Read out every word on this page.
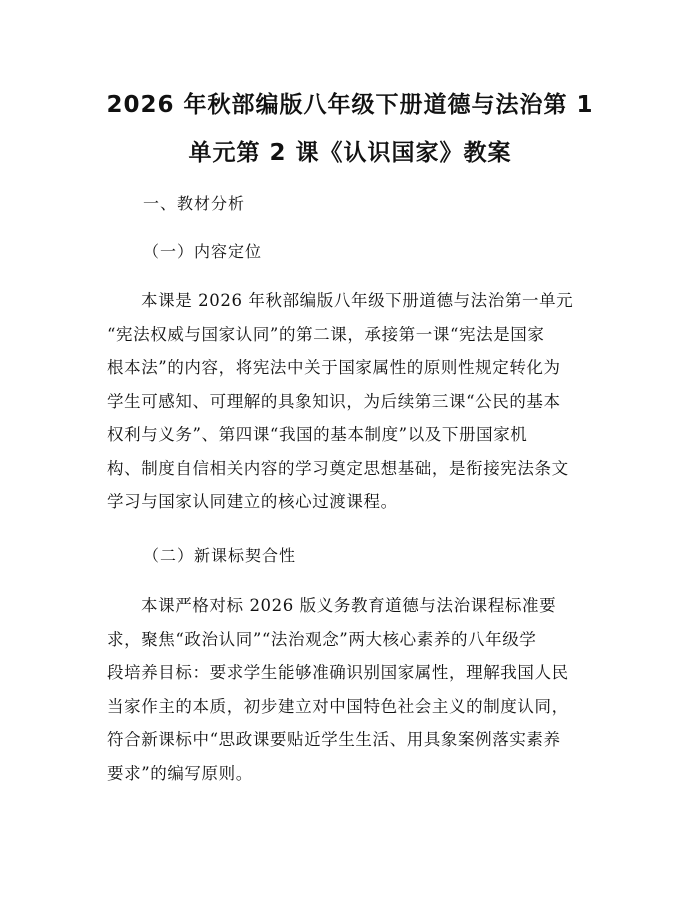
2026 年秋部编版八年级下册道德与法治第 1
单元第 2 课《认识国家》教案

一、教材分析

（一）内容定位

本课是 2026 年秋部编版八年级下册道德与法治第一单元
“宪法权威与国家认同”的第二课，承接第一课“宪法是国家
根本法”的内容，将宪法中关于国家属性的原则性规定转化为
学生可感知、可理解的具象知识，为后续第三课“公民的基本
权利与义务”、第四课“我国的基本制度”以及下册国家机
构、制度自信相关内容的学习奠定思想基础，是衔接宪法条文
学习与国家认同建立的核心过渡课程。

（二）新课标契合性

本课严格对标 2026 版义务教育道德与法治课程标准要
求，聚焦“政治认同”“法治观念”两大核心素养的八年级学
段培养目标：要求学生能够准确识别国家属性，理解我国人民
当家作主的本质，初步建立对中国特色社会主义的制度认同，
符合新课标中“思政课要贴近学生生活、用具象案例落实素养
要求”的编写原则。
